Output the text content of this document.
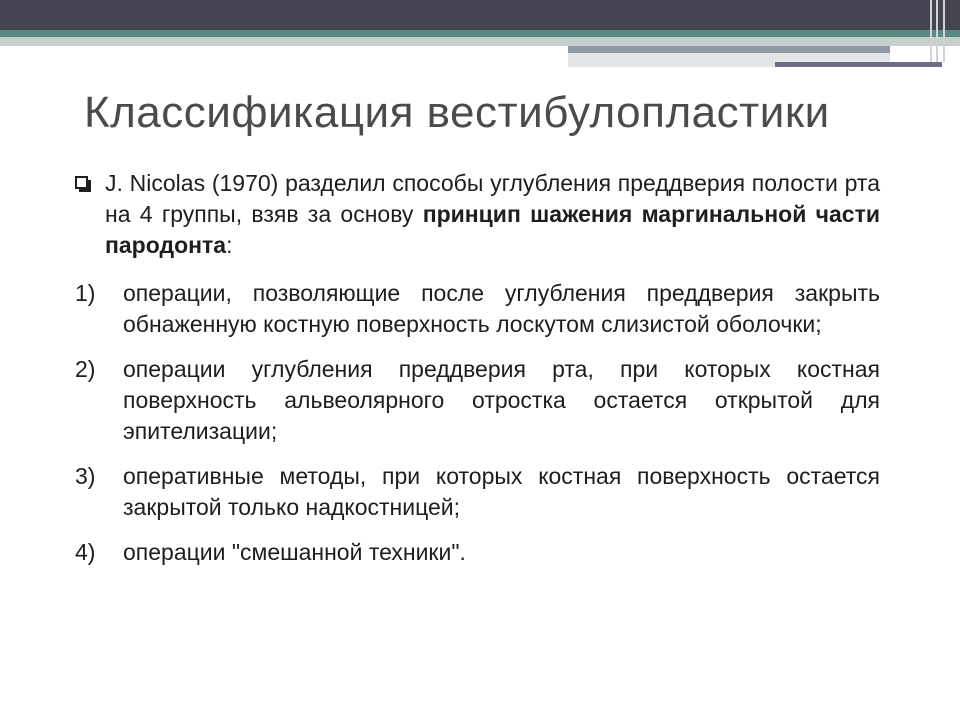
Классификация вестибулопластики
J. Nicolas (1970) разделил способы углубления преддверия полости рта на 4 группы, взяв за основу принцип шажения маргинальной части пародонта:
1)	операции, позволяющие после углубления преддверия закрыть обнаженную костную поверхность лоскутом слизистой оболочки;
2)	операции углубления преддверия рта, при которых костная поверхность альвеолярного отростка остается открытой для эпителизации;
3)	оперативные методы, при которых костная поверхность остается закрытой только надкостницей;
4)	операции "смешанной техники".
